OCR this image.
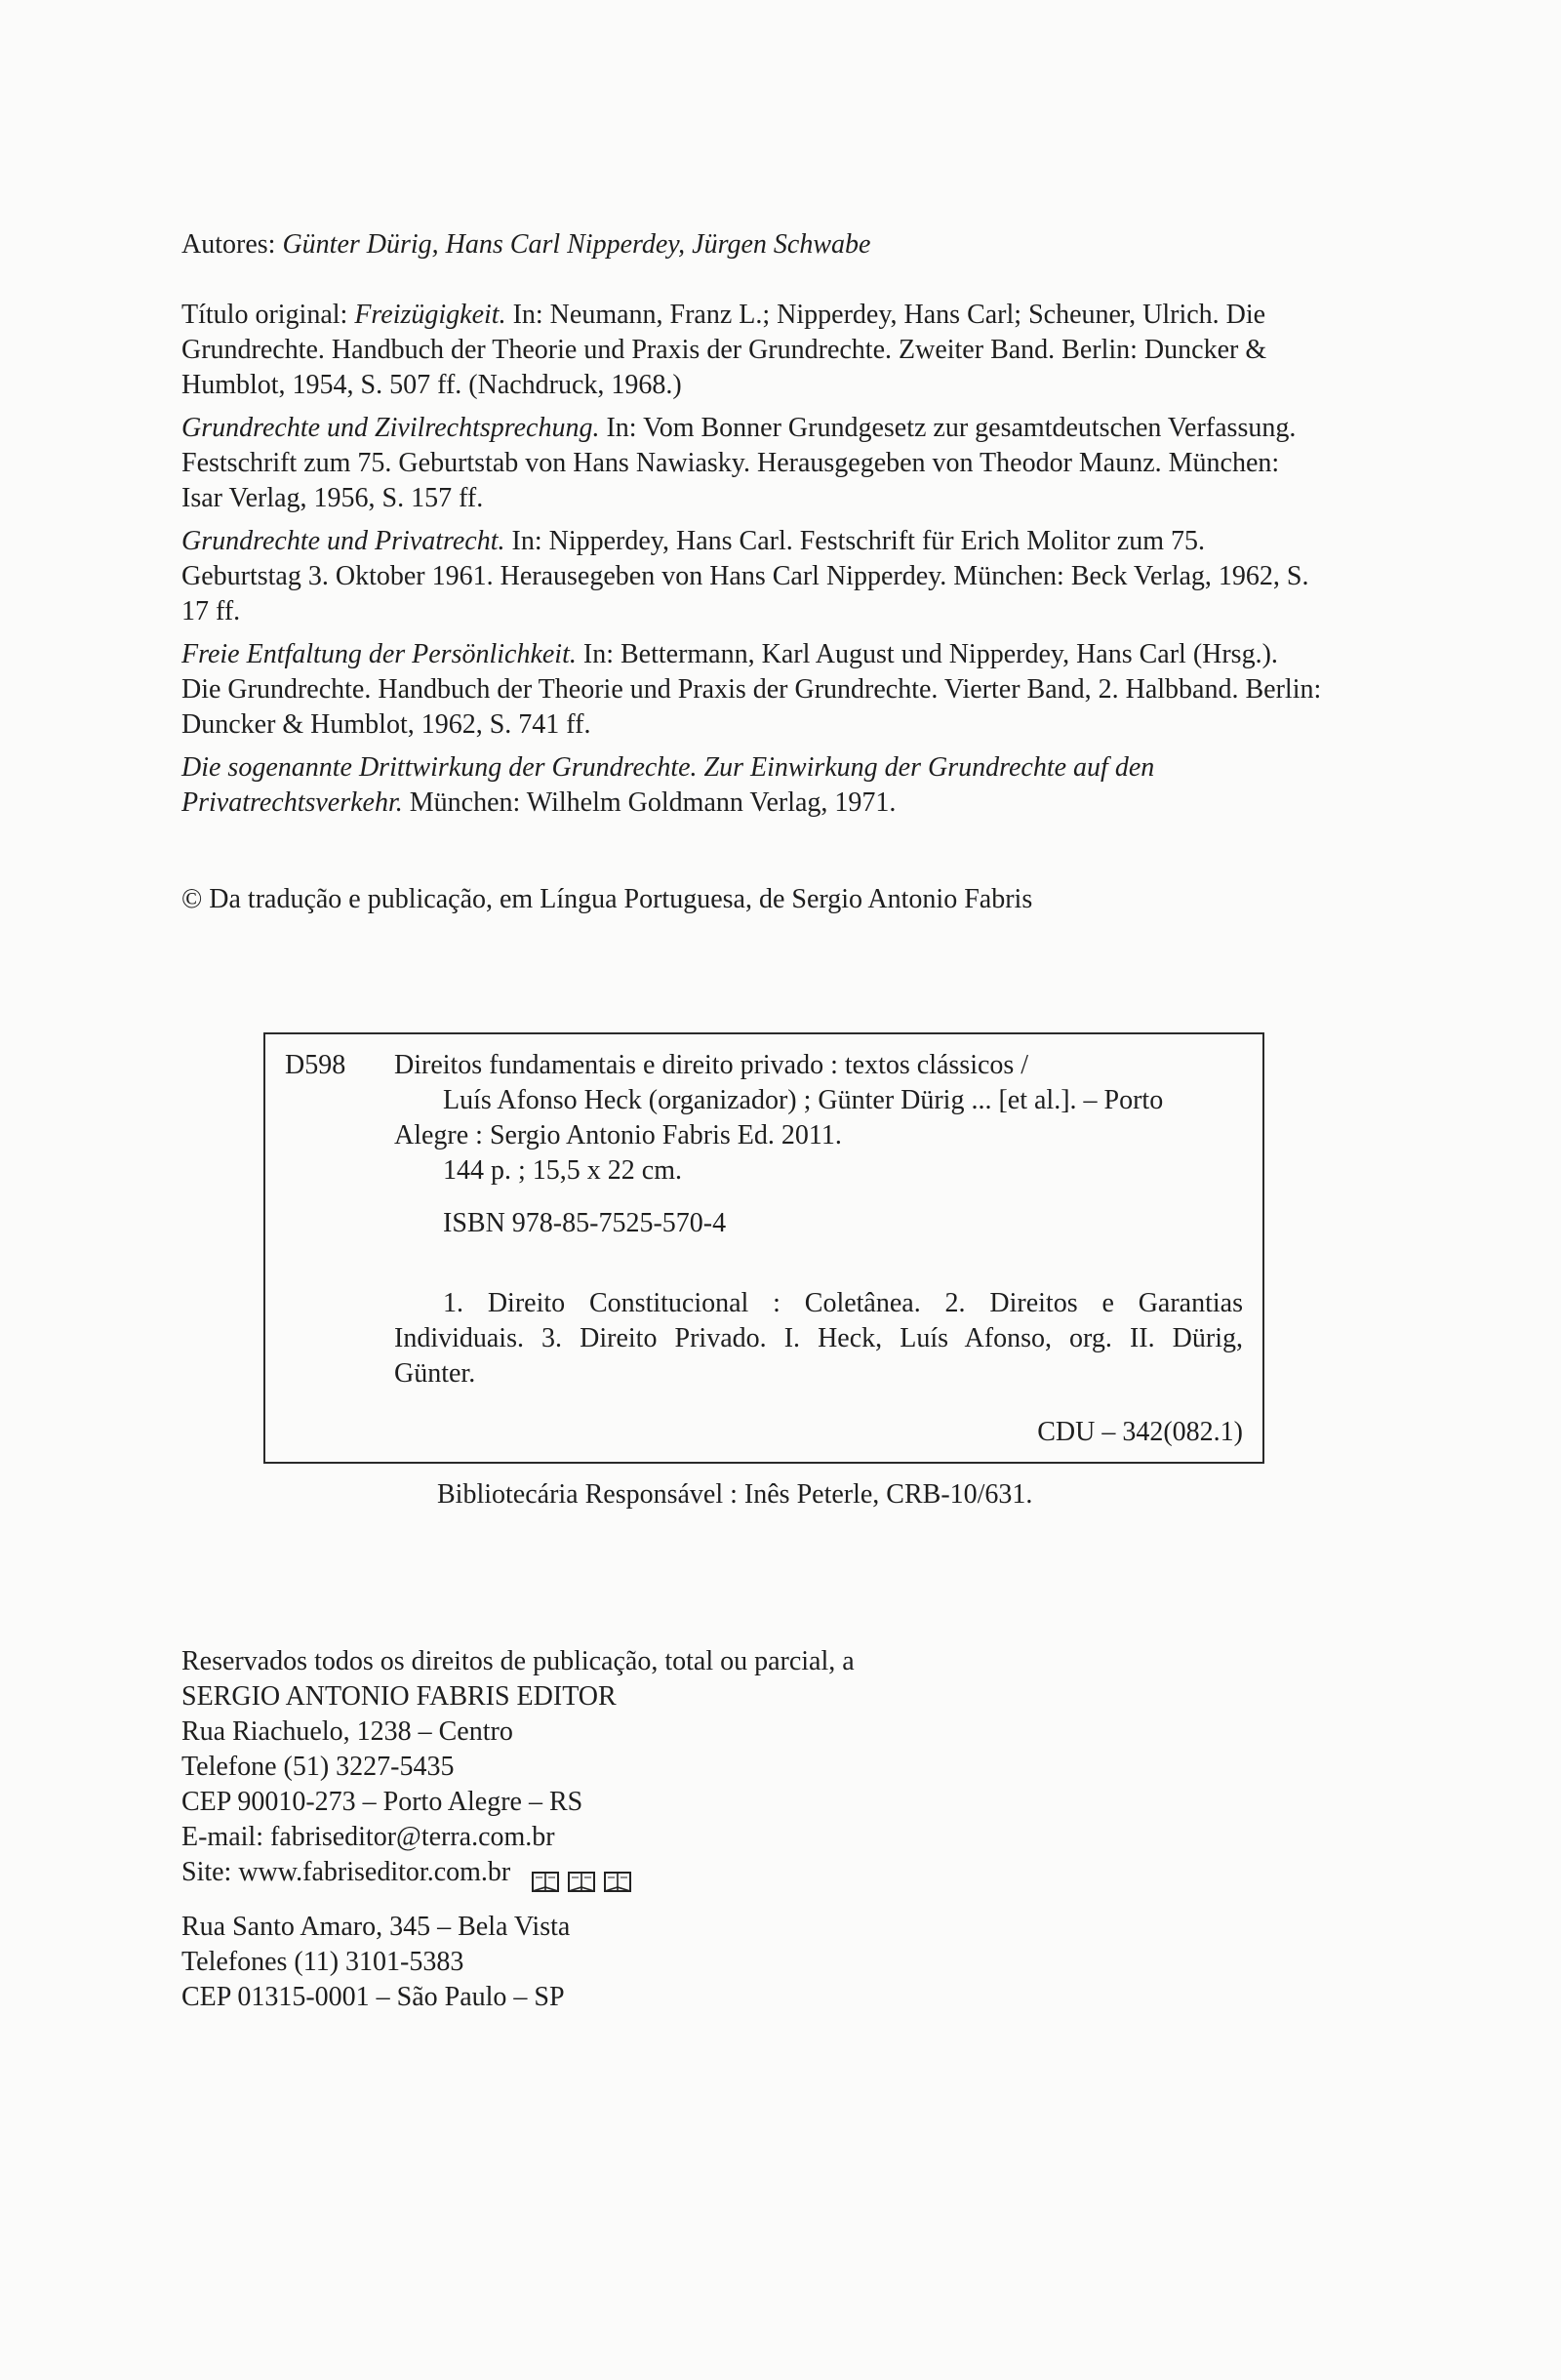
Autores: Günter Dürig, Hans Carl Nipperdey, Jürgen Schwabe

Título original: Freizügigkeit. In: Neumann, Franz L.; Nipperdey, Hans Carl; Scheuner, Ulrich. Die Grundrechte. Handbuch der Theorie und Praxis der Grundrechte. Zweiter Band. Berlin: Duncker & Humblot, 1954, S. 507 ff. (Nachdruck, 1968.)

Grundrechte und Zivilrechtsprechung. In: Vom Bonner Grundgesetz zur gesamtdeutschen Verfassung. Festschrift zum 75. Geburtstab von Hans Nawiasky. Herausgegeben von Theodor Maunz. München: Isar Verlag, 1956, S. 157 ff.

Grundrechte und Privatrecht. In: Nipperdey, Hans Carl. Festschrift für Erich Molitor zum 75. Geburtstag 3. Oktober 1961. Herausegeben von Hans Carl Nipperdey. München: Beck Verlag, 1962, S. 17 ff.

Freie Entfaltung der Persönlichkeit. In: Bettermann, Karl August und Nipperdey, Hans Carl (Hrsg.). Die Grundrechte. Handbuch der Theorie und Praxis der Grundrechte. Vierter Band, 2. Halbband. Berlin: Duncker & Humblot, 1962, S. 741 ff.

Die sogenannte Drittwirkung der Grundrechte. Zur Einwirkung der Grundrechte auf den Privatrechtsverkehr. München: Wilhelm Goldmann Verlag, 1971.

© Da tradução e publicação, em Língua Portuguesa, de Sergio Antonio Fabris
D598 Direitos fundamentais e direito privado : textos clássicos /

Luís Afonso Heck (organizador) ; Günter Dürig ... [et al.]. – Porto

Alegre : Sergio Antonio Fabris Ed. 2011.

144 p. ; 15,5 x 22 cm.

ISBN 978-85-7525-570-4

1. Direito Constitucional : Coletânea. 2. Direitos e Garantias

Individuais. 3. Direito Privado. I. Heck, Luís Afonso, org. II. Dürig,

Günter.

CDU – 342(082.1)
Bibliotecária Responsável : Inês Peterle, CRB-10/631.

Reservados todos os direitos de publicação, total ou parcial, a

SERGIO ANTONIO FABRIS EDITOR

Rua Riachuelo, 1238 – Centro

Telefone (51) 3227-5435

CEP 90010-273 – Porto Alegre – RS

E-mail: fabriseditor@terra.com.br

Site: www.fabriseditor.com.br

Rua Santo Amaro, 345 – Bela Vista

Telefones (11) 3101-5383

CEP 01315-0001 – São Paulo – SP
